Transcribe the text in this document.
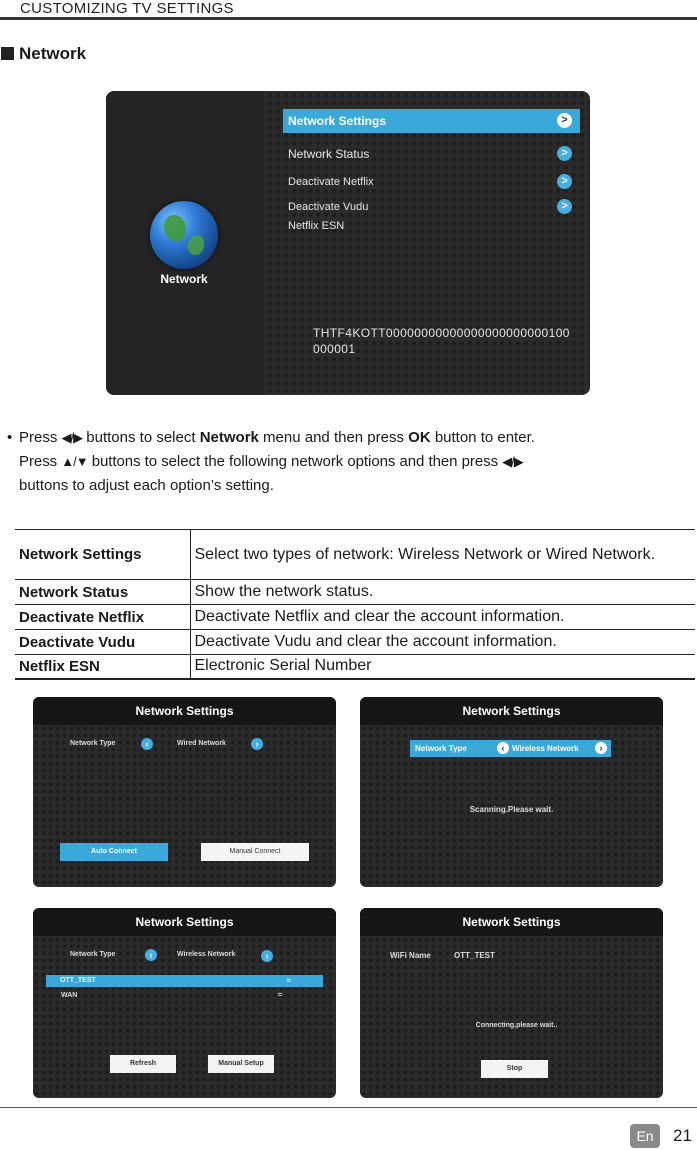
CUSTOMIZING TV SETTINGS
Network
Network
Network Settings	>
Network Status	>
Deactivate Netflix	>
Deactivate Vudu	>
Netflix ESN
THTF4KOTT00000000000000000000000100000001
• Press ◀/▶ buttons to select Network menu and then press OK button to enter.
Press ▲/▼ buttons to select the following network options and then press ◀/▶
buttons to adjust each option’s setting.
Network Settings	Select two types of network: Wireless Network or Wired Network.
Network Status	Show the network status.
Deactivate Netflix	Deactivate Netflix and clear the account information.
Deactivate Vudu	Deactivate Vudu and clear the account information.
Netflix ESN	Electronic Serial Number
Network Settings
Network Type	‹	Wired Network	›
Auto Connect	Manual Connect
Network Settings
Network Type	‹ Wireless Network	›
Scanning.Please wait.
Network Settings
Network Type	‹	Wireless Network	›
OTT_TEST	≈
WAN	≈
Refresh	Manual Setup
Network Settings
WiFi Name	OTT_TEST
Connecting,please wait..
Stop
En	21
